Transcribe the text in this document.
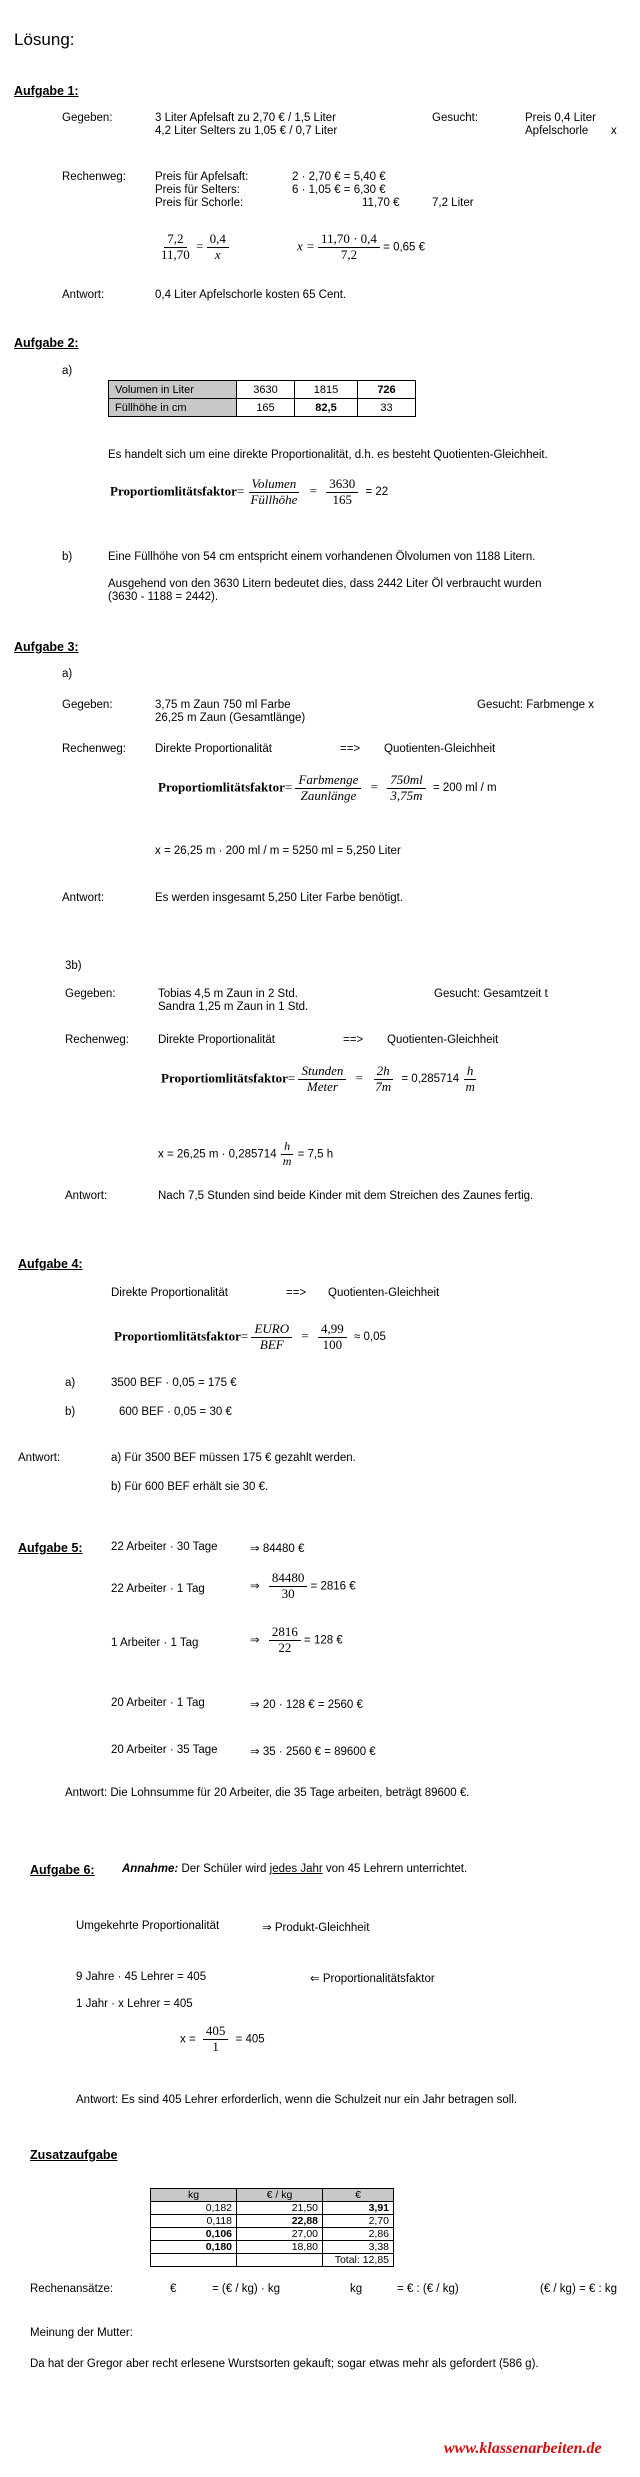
Lösung:
Aufgabe 1:
Gegeben:	3 Liter Apfelsaft zu 2,70 € / 1,5 Liter
4,2 Liter Selters zu 1,05 € / 0,7 Liter
Gesucht:	Preis 0,4 Liter
Apfelschorle x
Rechenweg:	Preis für Apfelsaft:	2 · 2,70 € = 5,40 €
Preis für Selters:	6 · 1,05 € = 6,30 €
Preis für Schorle:	11,70 €	7,2 Liter
$\frac{7,2}{11,70} = \frac{0,4}{x}$	$x = \frac{11,70 \cdot 0,4}{7,2} = 0,65$ €
Antwort:	0,4 Liter Apfelschorle kosten 65 Cent.
Aufgabe 2:
a)
Volumen in Liter	3630	1815	726
Füllhöhe in cm	165	82,5	33
Es handelt sich um eine direkte Proportionalität, d.h. es besteht Quotienten-Gleichheit.
Proportiomlitätsfaktor= $\frac{\text{Volumen}}{\text{Füllhöhe}} = \frac{3630}{165} = 22$
b)	Eine Füllhöhe von 54 cm entspricht einem vorhandenen Ölvolumen von 1188 Litern.
Ausgehend von den 3630 Litern bedeutet dies, dass 2442 Liter Öl verbraucht wurden
(3630 - 1188 = 2442).
Aufgabe 3:
a)
Gegeben:	3,75 m Zaun 750 ml Farbe
26,25 m Zaun (Gesamtlänge)
Gesucht: Farbmenge x
Rechenweg:	Direkte Proportionalität	==> Quotienten-Gleichheit
Proportiomlitätsfaktor= $\frac{\text{Farbmenge}}{\text{Zaunlänge}} = \frac{750ml}{3,75m} = 200$ ml / m
x = 26,25 m · 200 ml / m = 5250 ml = 5,250 Liter
Antwort:	Es werden insgesamt 5,250 Liter Farbe benötigt.
3b)
Gegeben:	Tobias 4,5 m Zaun in 2 Std.
Sandra 1,25 m Zaun in 1 Std.
Gesucht: Gesamtzeit t
Rechenweg:	Direkte Proportionalität	==> Quotienten-Gleichheit
Proportiomlitätsfaktor= $\frac{\text{Stunden}}{\text{Meter}} = \frac{2h}{7m} = 0,285714 \frac{h}{m}$
x = 26,25 $m \cdot 0,285714 \frac{h}{m} = 7,5$ h
Antwort:	Nach 7,5 Stunden sind beide Kinder mit dem Streichen des Zaunes fertig.
Aufgabe 4:
Direkte Proportionalität	==> Quotienten-Gleichheit
Proportiomlitätsfaktor= $\frac{\text{EURO}}{\text{BEF}} = \frac{4,99}{100} \approx 0,05$
a)	3500 BEF · 0,05 = 175 €
b)	600 BEF · 0,05 = 30 €
Antwort:	a) Für 3500 BEF müssen 175 € gezahlt werden.
b) Für 600 BEF erhält sie 30 €.
Aufgabe 5: 22 Arbeiter · 30 Tage	⇒ 84480 €
22 Arbeiter · 1 Tag	⇒ $\frac{84480}{30} = 2816$ €
1 Arbeiter · 1 Tag	⇒ $\frac{2816}{22} = 128$ €
20 Arbeiter · 1 Tag	⇒ 20 · 128 € = 2560 €
20 Arbeiter · 35 Tage	⇒ 35 · 2560 € = 89600 €
Antwort: Die Lohnsumme für 20 Arbeiter, die 35 Tage arbeiten, beträgt 89600 €.
Aufgabe 6: Annahme: Der Schüler wird jedes Jahr von 45 Lehrern unterrichtet.
Umgekehrte Proportionalität	⇒ Produkt-Gleichheit
9 Jahre · 45 Lehrer = 405	⇐ Proportionalitätsfaktor
1 Jahr · x Lehrer = 405
$x = \frac{405}{1} = 405$
Antwort: Es sind 405 Lehrer erforderlich, wenn die Schulzeit nur ein Jahr betragen soll.
Zusatzaufgabe
kg	€ / kg	€
0,182	21,50	3,91
0,118	22,88	2,70
0,106	27,00	2,86
0,180	18,80	3,38
		Total: 12,85
Rechenansätze:	€	= (€ / kg) · kg	kg	= € : (€ / kg)	(€ / kg) = € : kg
Meinung der Mutter:
Da hat der Gregor aber recht erlesene Wurstsorten gekauft; sogar etwas mehr als gefordert (586 g).
www.klassenarbeiten.de
